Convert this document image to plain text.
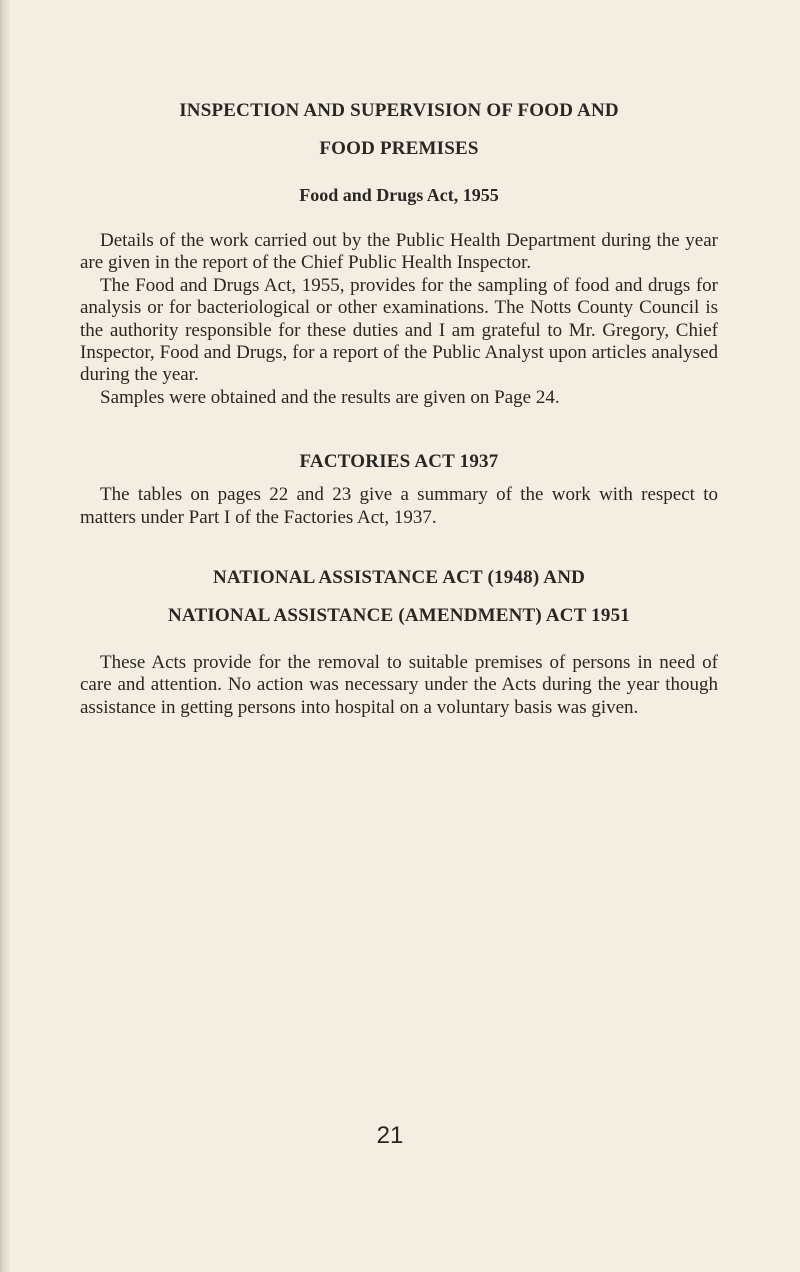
INSPECTION AND SUPERVISION OF FOOD AND
FOOD PREMISES
Food and Drugs Act, 1955

Details of the work carried out by the Public Health Department during the year are given in the report of the Chief Public Health Inspector.

The Food and Drugs Act, 1955, provides for the sampling of food and drugs for analysis or for bacteriological or other examinations. The Notts County Council is the authority responsible for these duties and I am grateful to Mr. Gregory, Chief Inspector, Food and Drugs, for a report of the Public Analyst upon articles analysed during the year.

Samples were obtained and the results are given on Page 24.

FACTORIES ACT 1937

The tables on pages 22 and 23 give a summary of the work with respect to matters under Part I of the Factories Act, 1937.

NATIONAL ASSISTANCE ACT (1948) AND
NATIONAL ASSISTANCE (AMENDMENT) ACT 1951

These Acts provide for the removal to suitable premises of persons in need of care and attention. No action was necessary under the Acts during the year though assistance in getting persons into hospital on a voluntary basis was given.

21
